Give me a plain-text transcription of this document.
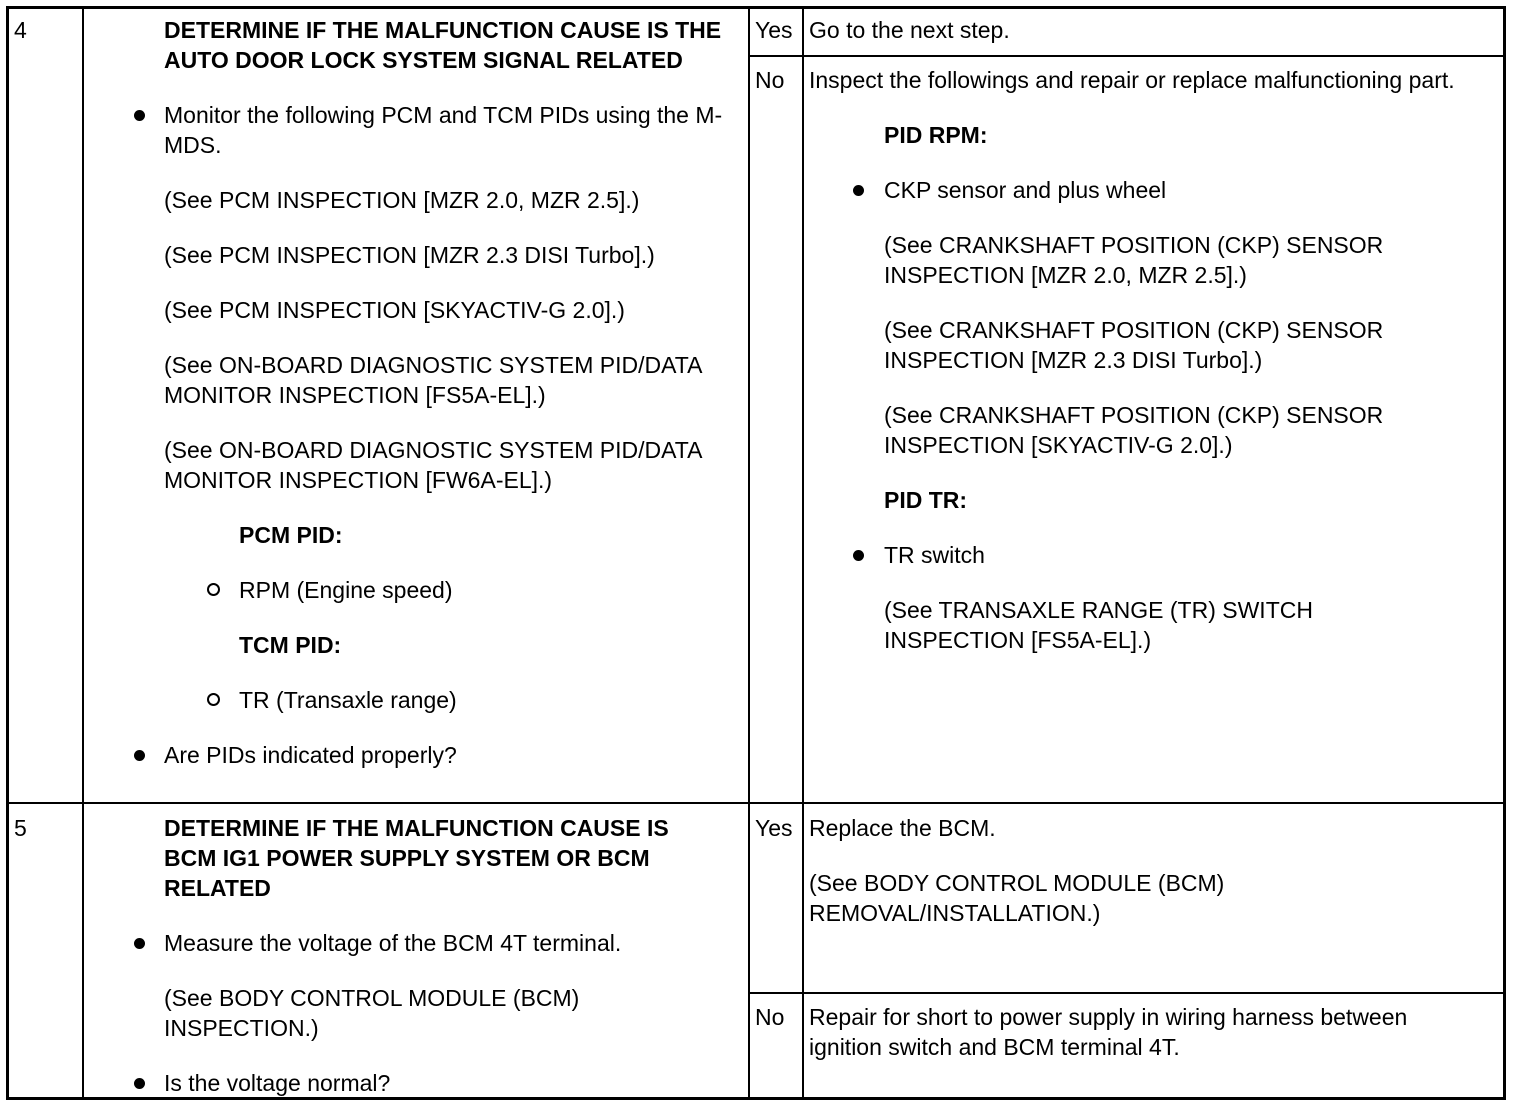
4	DETERMINE IF THE MALFUNCTION CAUSE IS THE AUTO DOOR LOCK SYSTEM SIGNAL RELATED
Monitor the following PCM and TCM PIDs using the M-MDS.
(See PCM INSPECTION [MZR 2.0, MZR 2.5].)
(See PCM INSPECTION [MZR 2.3 DISI Turbo].)
(See PCM INSPECTION [SKYACTIV-G 2.0].)
(See ON-BOARD DIAGNOSTIC SYSTEM PID/DATA MONITOR INSPECTION [FS5A-EL].)
(See ON-BOARD DIAGNOSTIC SYSTEM PID/DATA MONITOR INSPECTION [FW6A-EL].)
PCM PID:
RPM (Engine speed)
TCM PID:
TR (Transaxle range)
Are PIDs indicated properly?
Yes Go to the next step.
No Inspect the followings and repair or replace malfunctioning part.
PID RPM:
CKP sensor and plus wheel
(See CRANKSHAFT POSITION (CKP) SENSOR INSPECTION [MZR 2.0, MZR 2.5].)
(See CRANKSHAFT POSITION (CKP) SENSOR INSPECTION [MZR 2.3 DISI Turbo].)
(See CRANKSHAFT POSITION (CKP) SENSOR INSPECTION [SKYACTIV-G 2.0].)
PID TR:
TR switch
(See TRANSAXLE RANGE (TR) SWITCH INSPECTION [FS5A-EL].)
5	DETERMINE IF THE MALFUNCTION CAUSE IS BCM IG1 POWER SUPPLY SYSTEM OR BCM RELATED
Measure the voltage of the BCM 4T terminal.
(See BODY CONTROL MODULE (BCM) INSPECTION.)
Is the voltage normal?
Yes Replace the BCM.
(See BODY CONTROL MODULE (BCM) REMOVAL/INSTALLATION.)
No Repair for short to power supply in wiring harness between ignition switch and BCM terminal 4T.
